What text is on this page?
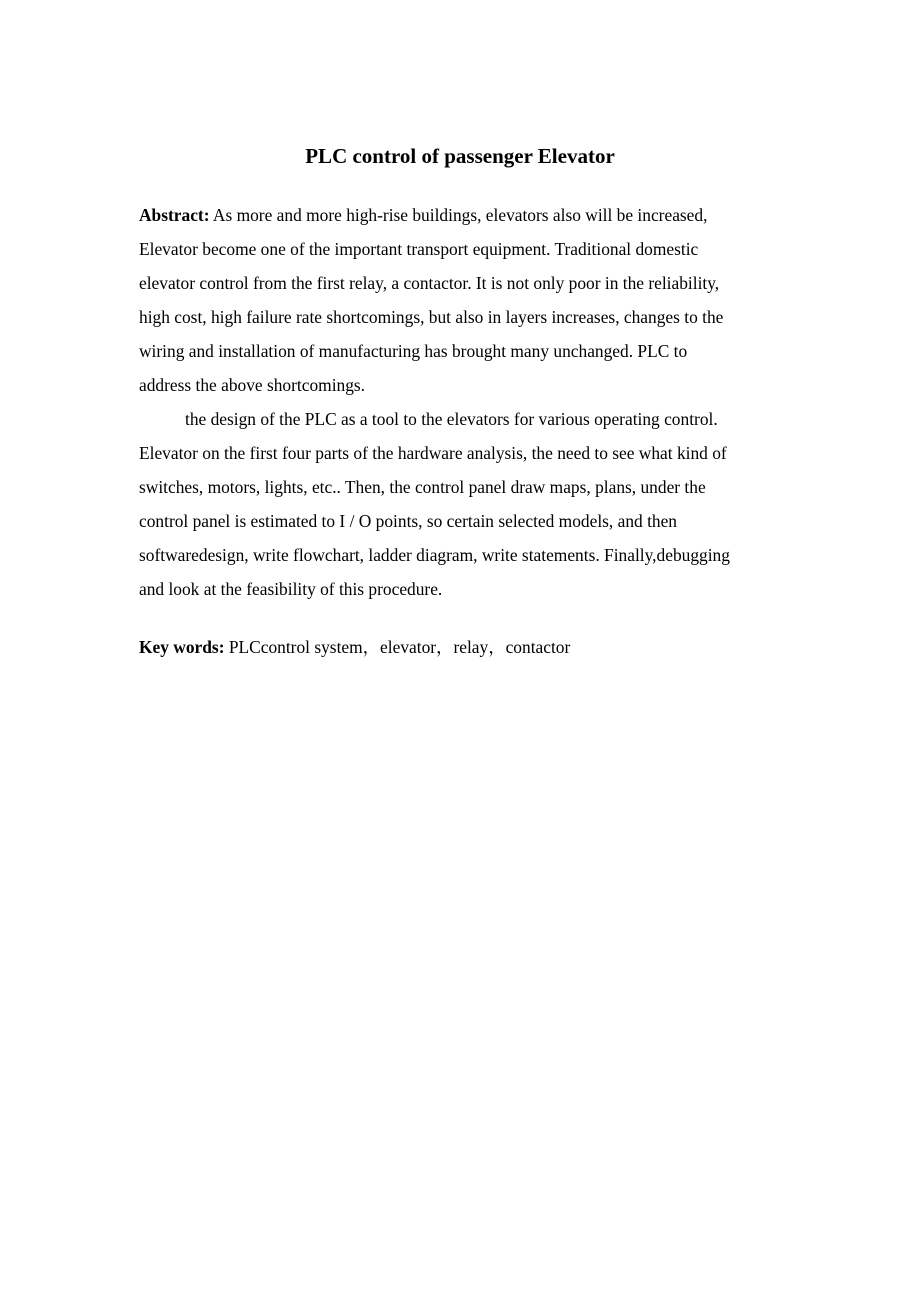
PLC control of passenger Elevator
Abstract: As more and more high-rise buildings, elevators also will be increased,
Elevator become one of the important transport equipment. Traditional domestic
elevator control from the first relay, a contactor. It is not only poor in the reliability,
high cost, high failure rate shortcomings, but also in layers increases, changes to the
wiring and installation of manufacturing has brought many unchanged. PLC to
address the above shortcomings.
the design of the PLC as a tool to the elevators for various operating control.
Elevator on the first four parts of the hardware analysis, the need to see what kind of
switches, motors, lights, etc.. Then, the control panel draw maps, plans, under the
control panel is estimated to I / O points, so certain selected models, and then
softwaredesign, write flowchart, ladder diagram, write statements. Finally,debugging
and look at the feasibility of this procedure.
Key words: PLCcontrol system，elevator，relay，contactor
